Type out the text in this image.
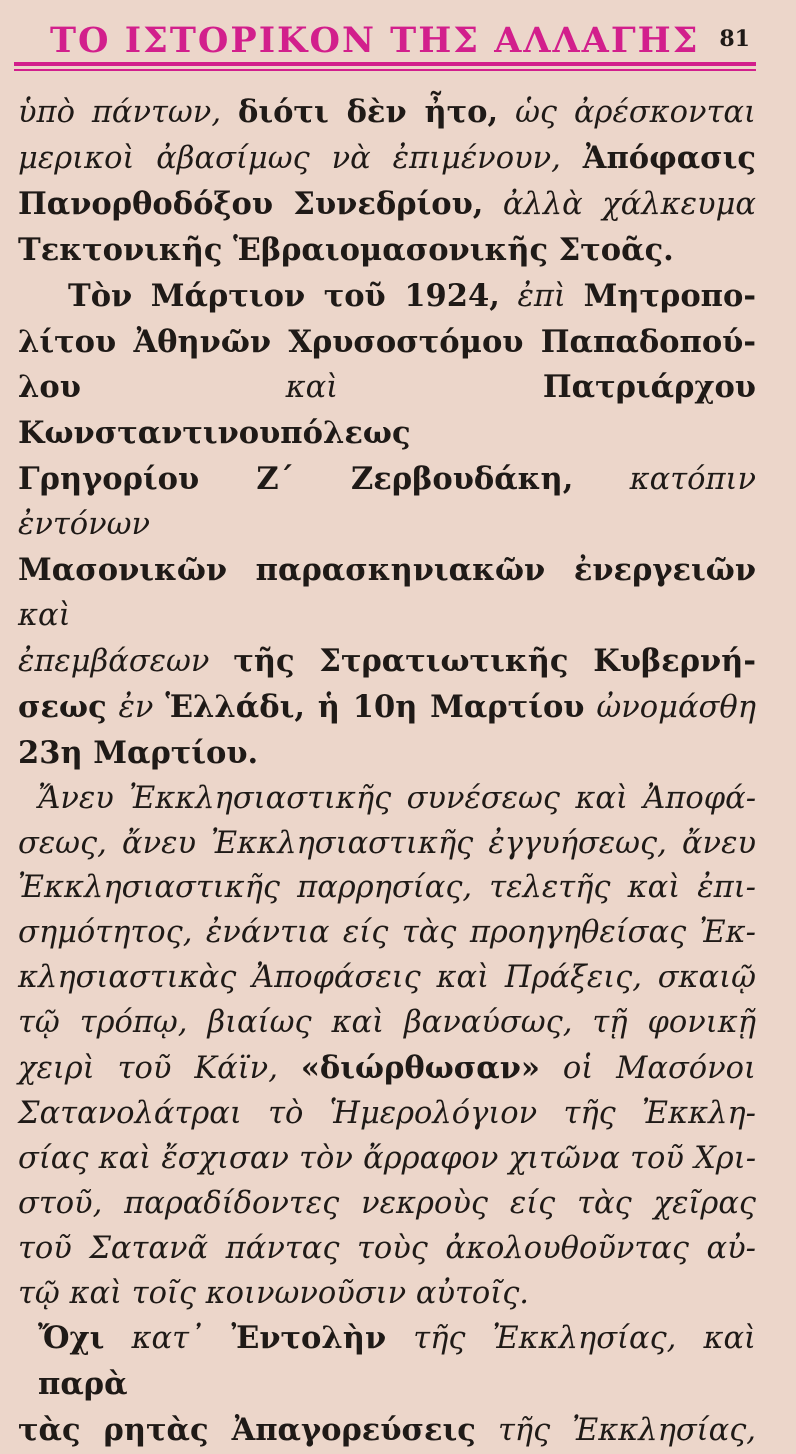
ΤΟ ΙΣΤΟΡΙΚΟΝ ΤΗΣ ΑΛΛΑΓΗΣ 81

ὑπὸ πάντων, διότι δὲν ἦτο, ὡς ἀρέσκονται

μερικοὶ ἀβασίμως νὰ ἐπιμένουν, Ἀπόφασις

Πανορθοδόξου Συνεδρίου, ἀλλὰ χάλκευμα

Τεκτονικῆς Ἑβραιομασονικῆς Στοᾶς.

Τὸν Μάρτιον τοῦ 1924, ἐπὶ Μητροπο-

λίτου Ἀθηνῶν Χρυσοστόμου Παπαδοπού-

λου	καὶ	Πατριάρχου Κωνσταντινουπόλεως

Γρηγορίου Ζ΄ Ζερβουδάκη, κατόπιν ἐντόνων

Μασονικῶν παρασκηνιακῶν ἐνεργειῶν καὶ

ἐπεμβάσεων τῆς Στρατιωτικῆς Κυβερνή-

σεως ἐν Ἑλλάδι, ἡ 10η Μαρτίου ὠνομάσθη

23η Μαρτίου.

Ἄνευ Ἐκκλησιαστικῆς συνέσεως καὶ Ἀποφά-

σεως, ἄνευ Ἐκκλησιαστικῆς ἐγγυήσεως, ἄνευ

Ἐκκλησιαστικῆς παρρησίας, τελετῆς καὶ ἐπι-

σημότητος, ἐνάντια είς τὰς προηγηθείσας Ἐκ-

κλησιαστικὰς Ἀποφάσεις καὶ Πράξεις, σκαιῷ

τῷ τρόπῳ, βιαίως καὶ βαναύσως, τῇ φονικῇ

χειρὶ τοῦ Κάϊν, «διώρθωσαν» οἱ Μασόνοι

Σατανολάτραι τὸ Ἡμερολόγιον τῆς Ἐκκλη-

σίας καὶ ἔσχισαν τὸν ἄρραφον χιτῶνα τοῦ Χρι-

στοῦ, παραδίδοντες νεκροὺς είς τὰς χεῖρας

τοῦ Σατανᾶ πάντας τοὺς ἀκολουθοῦντας αὐ-

τῷ καὶ τοῖς κοινωνοῦσιν αὐτοῖς.

Ὄχι κατ᾽ Ἐντολὴν τῆς Ἐκκλησίας, καὶ παρὰ

τὰς ρητὰς Ἀπαγορεύσεις τῆς Ἐκκλησίας,
